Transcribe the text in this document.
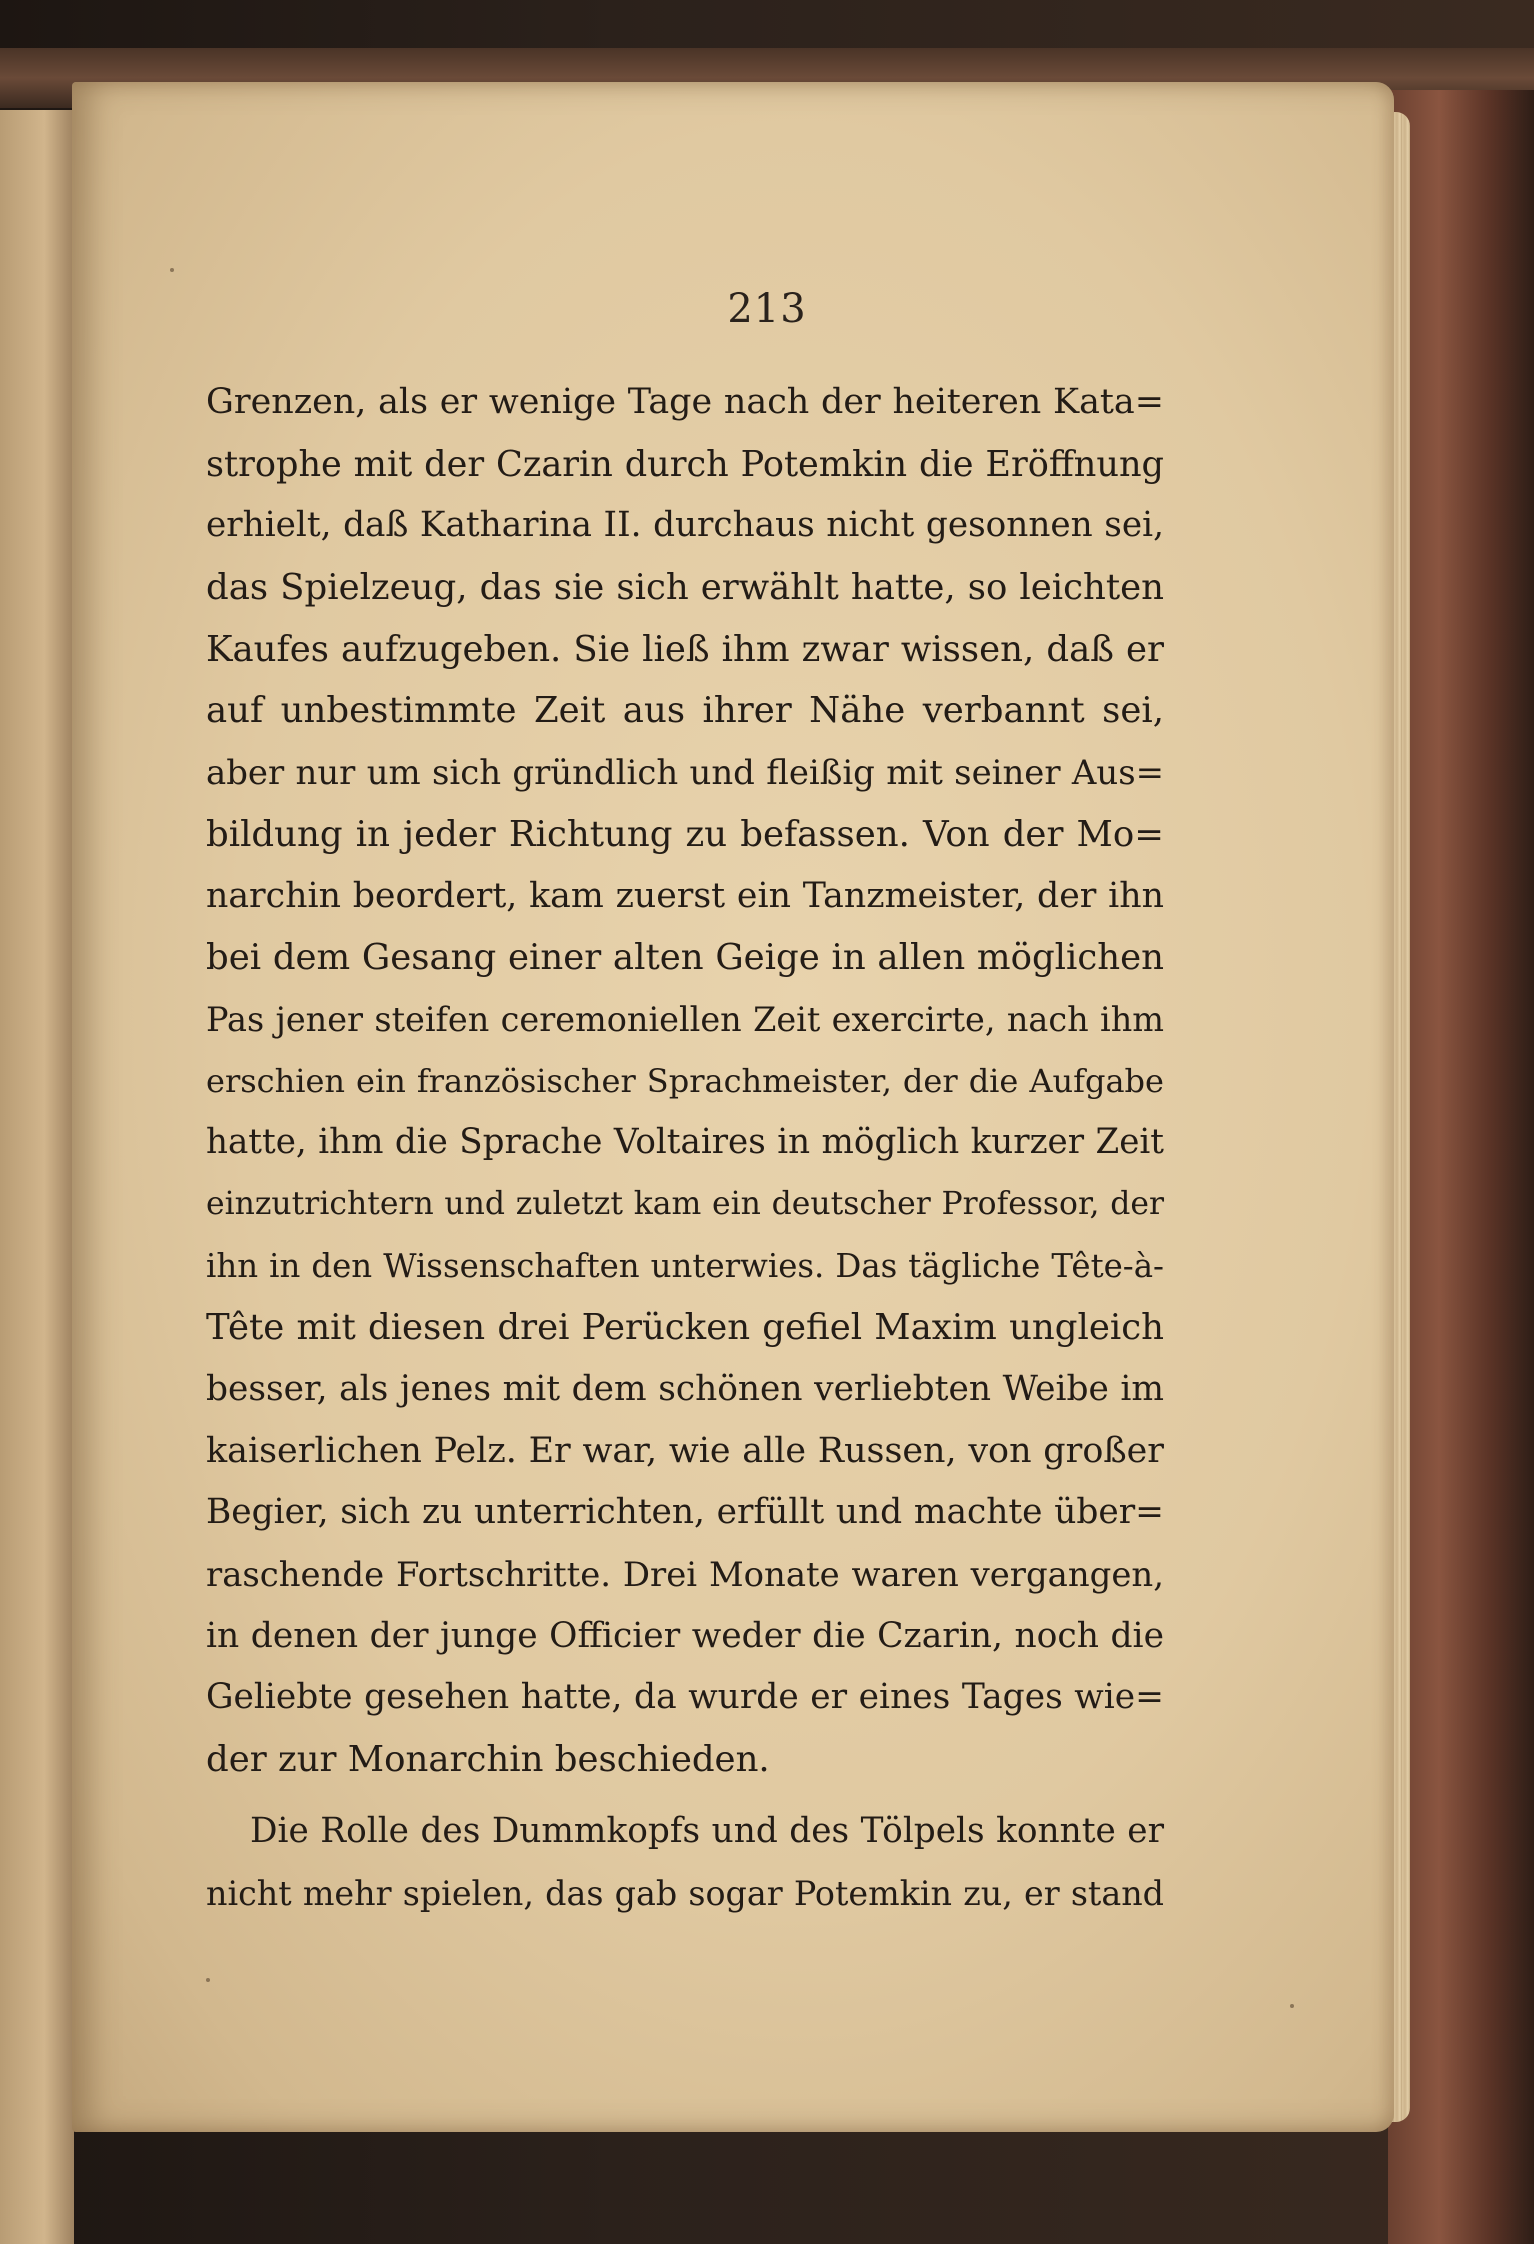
213
Grenzen, als er wenige Tage nach der heiteren Kata=
strophe mit der Czarin durch Potemkin die Eröffnung
erhielt, daß Katharina II. durchaus nicht gesonnen sei,
das Spielzeug, das sie sich erwählt hatte, so leichten
Kaufes aufzugeben. Sie ließ ihm zwar wissen, daß er
auf unbestimmte Zeit aus ihrer Nähe verbannt sei,
aber nur um sich gründlich und fleißig mit seiner Aus=
bildung in jeder Richtung zu befassen. Von der Mo=
narchin beordert, kam zuerst ein Tanzmeister, der ihn
bei dem Gesang einer alten Geige in allen möglichen
Pas jener steifen ceremoniellen Zeit exercirte, nach ihm
erschien ein französischer Sprachmeister, der die Aufgabe
hatte, ihm die Sprache Voltaires in möglich kurzer Zeit
einzutrichtern und zuletzt kam ein deutscher Professor, der
ihn in den Wissenschaften unterwies. Das tägliche Tête-à-
Tête mit diesen drei Perücken gefiel Maxim ungleich
besser, als jenes mit dem schönen verliebten Weibe im
kaiserlichen Pelz. Er war, wie alle Russen, von großer
Begier, sich zu unterrichten, erfüllt und machte über=
raschende Fortschritte. Drei Monate waren vergangen,
in denen der junge Officier weder die Czarin, noch die
Geliebte gesehen hatte, da wurde er eines Tages wie=
der zur Monarchin beschieden.
Die Rolle des Dummkopfs und des Tölpels konnte er
nicht mehr spielen, das gab sogar Potemkin zu, er stand
